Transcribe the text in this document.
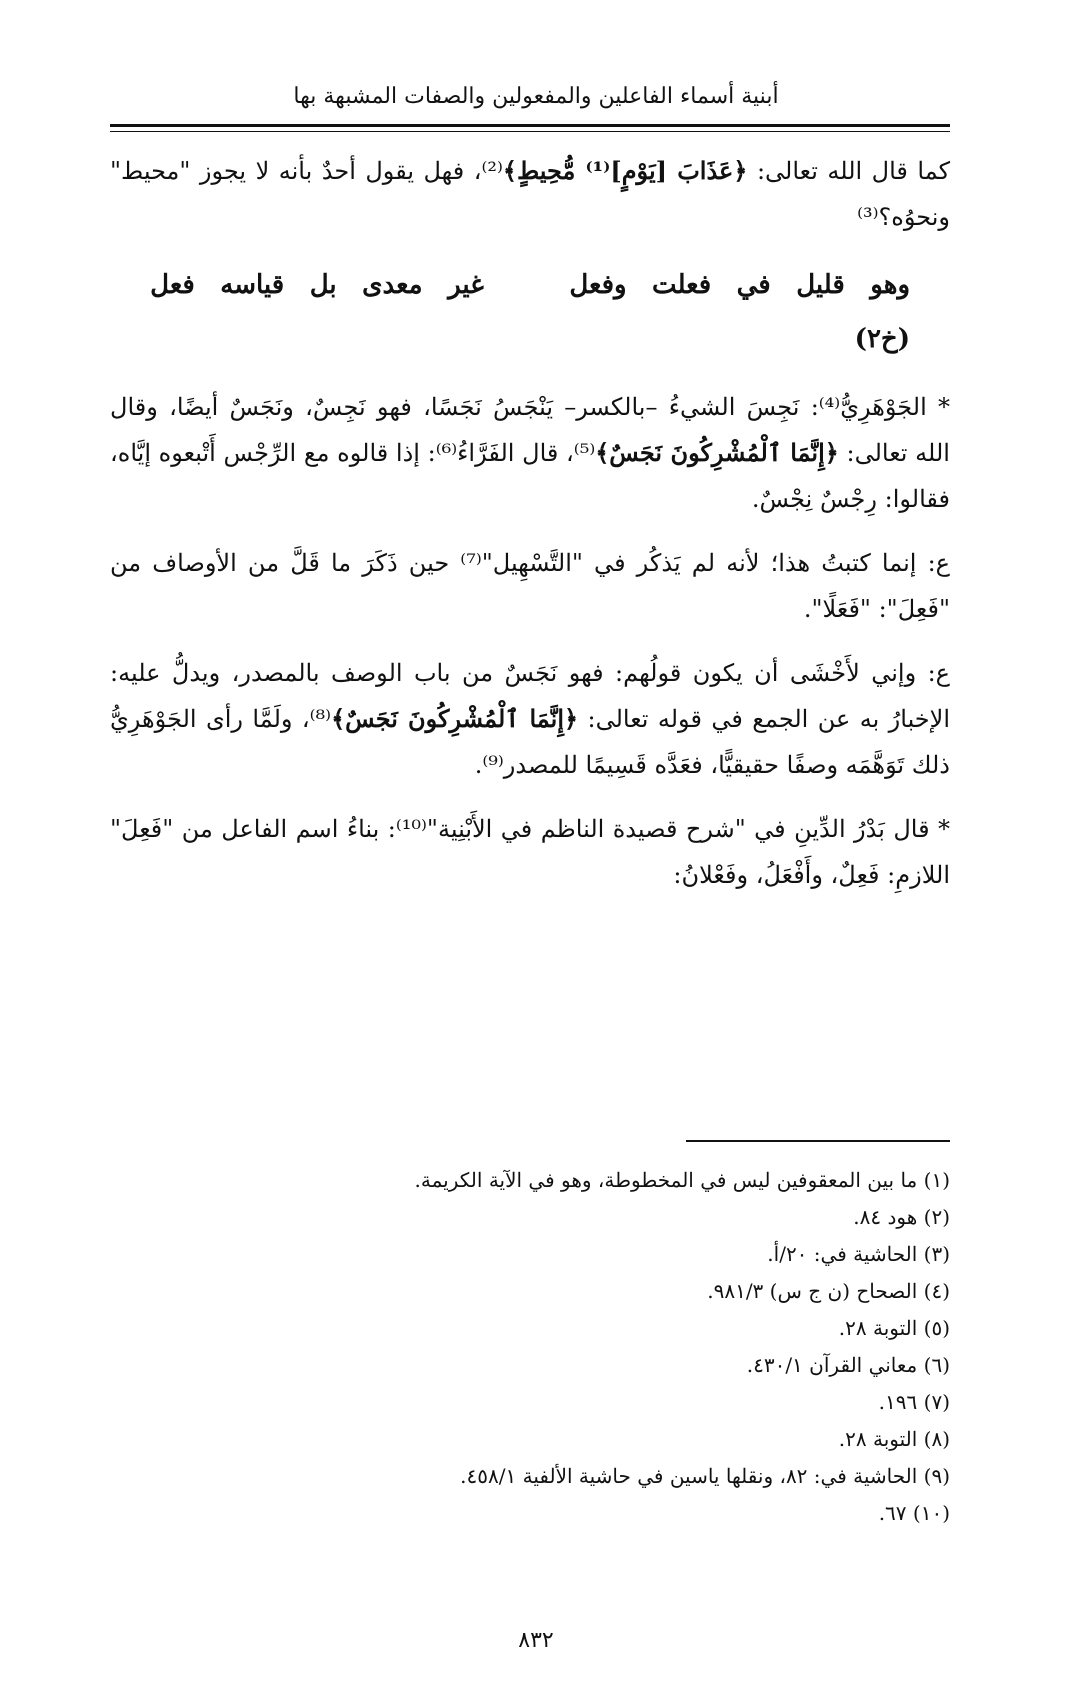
أبنية أسماء الفاعلين والمفعولين والصفات المشبهة بها

كما قال الله تعالى: ﴿عَذَابَ [يَوْمٍ]⁽¹⁾ مُّحِيطٍ﴾⁽²⁾، فهل يقول أحدٌ بأنه لا يجوز "محيط" ونحوُه؟⁽³⁾

وهو
قليل
في
فعلت
وفعل
غير
معدى
بل
قياسه
فعل
(خ٢)

* الجَوْهَرِيُّ⁽⁴⁾: نَجِسَ الشيءُ –بالكسر– يَنْجَسُ نَجَسًا، فهو نَجِسٌ، ونَجَسٌ أيضًا، وقال الله تعالى: ﴿إِنَّمَا ٱلْمُشْرِكُونَ نَجَسٌ﴾⁽⁵⁾، قال الفَرَّاءُ⁽⁶⁾: إذا قالوه مع الرِّجْس أَتْبعوه إيَّاه، فقالوا: رِجْسٌ نِجْسٌ.

ع: إنما كتبتُ هذا؛ لأنه لم يَذكُر في "التَّسْهِيل"⁽⁷⁾ حين ذَكَرَ ما قَلَّ من الأوصاف من "فَعِلَ": "فَعَلًا".

ع: وإني لأَخْشَى أن يكون قولُهم: فهو نَجَسٌ من باب الوصف بالمصدر، ويدلُّ عليه: الإخبارُ به عن الجمع في قوله تعالى: ﴿إِنَّمَا ٱلْمُشْرِكُونَ نَجَسٌ﴾⁽⁸⁾، ولَمَّا رأى الجَوْهَرِيُّ ذلك تَوَهَّمَه وصفًا حقيقيًّا، فعَدَّه قَسِيمًا للمصدر⁽⁹⁾.

* قال بَدْرُ الدِّينِ في "شرح قصيدة الناظم في الأَبْنِية"⁽¹⁰⁾: بناءُ اسم الفاعل من "فَعِلَ" اللازمِ: فَعِلٌ، وأَفْعَلُ، وفَعْلانُ:

(١) ما بين المعقوفين ليس في المخطوطة، وهو في الآية الكريمة.
(٢) هود ٨٤.
(٣) الحاشية في: ٢٠/أ.
(٤) الصحاح (ن ج س) ٩٨١/٣.
(٥) التوبة ٢٨.
(٦) معاني القرآن ٤٣٠/١.
(٧) ١٩٦.
(٨) التوبة ٢٨.
(٩) الحاشية في: ٨٢، ونقلها ياسين في حاشية الألفية ٤٥٨/١.
(١٠) ٦٧.
٨٣٢
